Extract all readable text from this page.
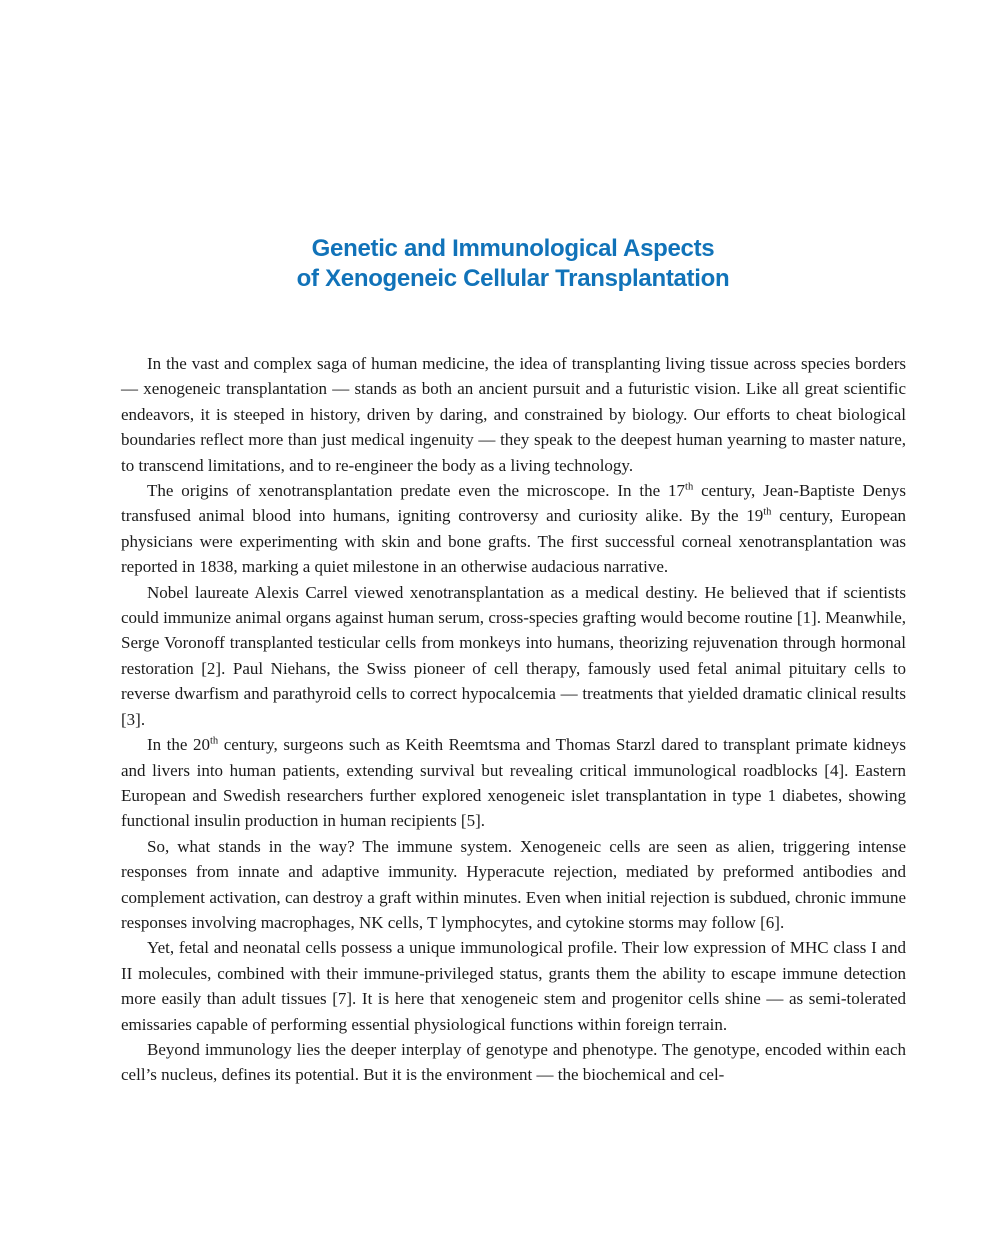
Genetic and Immunological Aspects
of Xenogeneic Cellular Transplantation

In the vast and complex saga of human medicine, the idea of transplanting living tissue across species borders — xenogeneic transplantation — stands as both an ancient pursuit and a futuristic vision. Like all great scientific endeavors, it is steeped in history, driven by daring, and constrained by biology. Our efforts to cheat biological boundaries reflect more than just medical ingenuity — they speak to the deepest human yearning to master nature, to transcend limitations, and to re-engineer the body as a living technology.

The origins of xenotransplantation predate even the microscope. In the 17th century, Jean-Baptiste Denys transfused animal blood into humans, igniting controversy and curiosity alike. By the 19th century, European physicians were experimenting with skin and bone grafts. The first successful corneal xenotransplantation was reported in 1838, marking a quiet milestone in an otherwise audacious narrative.

Nobel laureate Alexis Carrel viewed xenotransplantation as a medical destiny. He believed that if scientists could immunize animal organs against human serum, cross-species grafting would become routine [1]. Meanwhile, Serge Voronoff transplanted testicular cells from monkeys into humans, theorizing rejuvenation through hormonal restoration [2]. Paul Niehans, the Swiss pioneer of cell therapy, famously used fetal animal pituitary cells to reverse dwarfism and parathyroid cells to correct hypocalcemia — treatments that yielded dramatic clinical results [3].

In the 20th century, surgeons such as Keith Reemtsma and Thomas Starzl dared to transplant primate kidneys and livers into human patients, extending survival but revealing critical immunological roadblocks [4]. Eastern European and Swedish researchers further explored xenogeneic islet transplantation in type 1 diabetes, showing functional insulin production in human recipients [5].

So, what stands in the way? The immune system. Xenogeneic cells are seen as alien, triggering intense responses from innate and adaptive immunity. Hyperacute rejection, mediated by preformed antibodies and complement activation, can destroy a graft within minutes. Even when initial rejection is subdued, chronic immune responses involving macrophages, NK cells, T lymphocytes, and cytokine storms may follow [6].

Yet, fetal and neonatal cells possess a unique immunological profile. Their low expression of MHC class I and II molecules, combined with their immune-privileged status, grants them the ability to escape immune detection more easily than adult tissues [7]. It is here that xenogeneic stem and progenitor cells shine — as semi-tolerated emissaries capable of performing essential physiological functions within foreign terrain.

Beyond immunology lies the deeper interplay of genotype and phenotype. The genotype, encoded within each cell’s nucleus, defines its potential. But it is the environment — the biochemical and cel-
